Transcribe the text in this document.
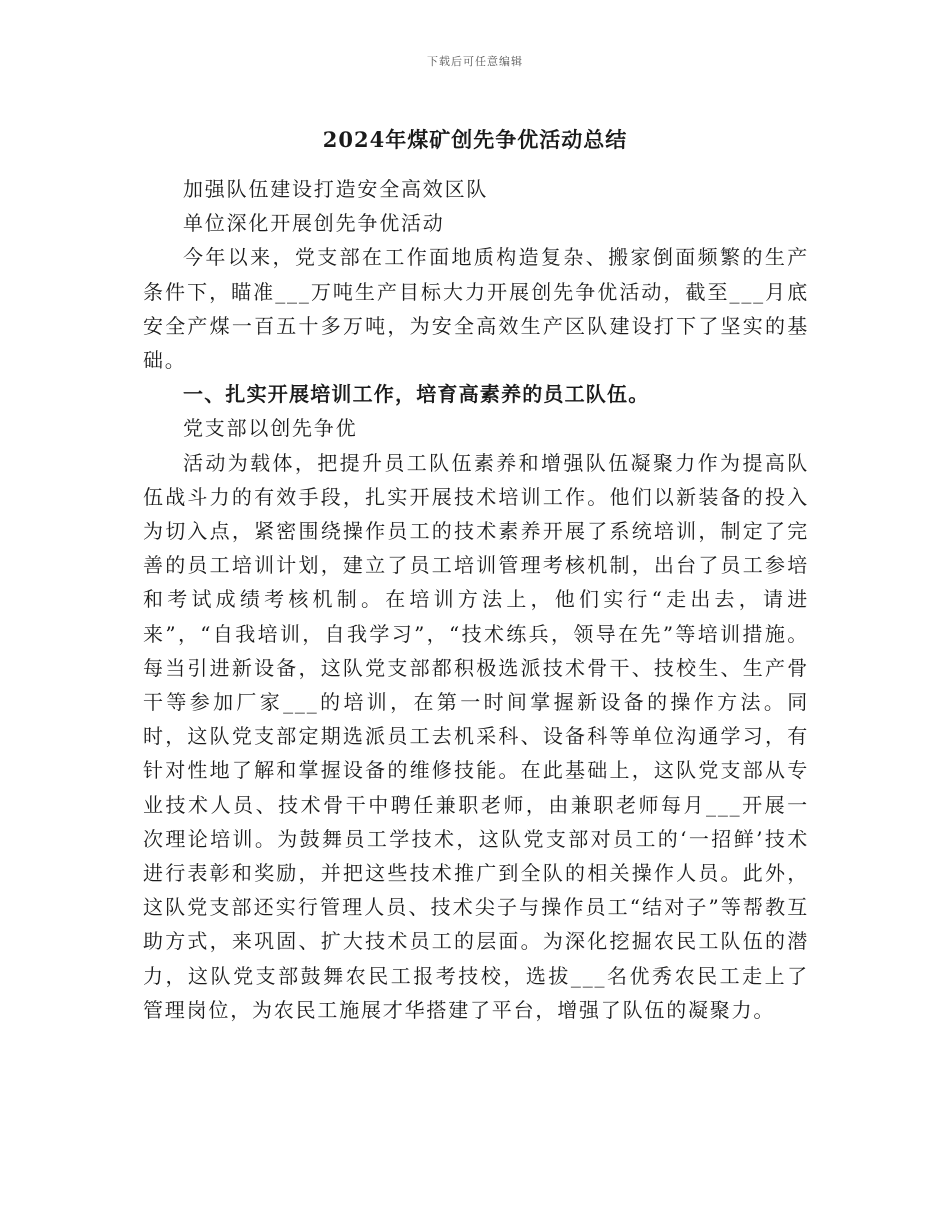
下载后可任意编辑
2024年煤矿创先争优活动总结

加强队伍建设打造安全高效区队

单位深化开展创先争优活动

今年以来，党支部在工作面地质构造复杂、搬家倒面频繁的生产条件下，瞄准___万吨生产目标大力开展创先争优活动，截至___月底安全产煤一百五十多万吨，为安全高效生产区队建设打下了坚实的基础。

一、扎实开展培训工作，培育高素养的员工队伍。

党支部以创先争优

活动为载体，把提升员工队伍素养和增强队伍凝聚力作为提高队伍战斗力的有效手段，扎实开展技术培训工作。他们以新装备的投入为切入点，紧密围绕操作员工的技术素养开展了系统培训，制定了完善的员工培训计划，建立了员工培训管理考核机制，出台了员工参培和考试成绩考核机制。在培训方法上，他们实行“走出去，请进来”，“自我培训，自我学习”，“技术练兵，领导在先”等培训措施。每当引进新设备，这队党支部都积极选派技术骨干、技校生、生产骨干等参加厂家___的培训，在第一时间掌握新设备的操作方法。同时，这队党支部定期选派员工去机采科、设备科等单位沟通学习，有针对性地了解和掌握设备的维修技能。在此基础上，这队党支部从专业技术人员、技术骨干中聘任兼职老师，由兼职老师每月___开展一次理论培训。为鼓舞员工学技术，这队党支部对员工的‘一招鲜’技术进行表彰和奖励，并把这些技术推广到全队的相关操作人员。此外，这队党支部还实行管理人员、技术尖子与操作员工“结对子”等帮教互助方式，来巩固、扩大技术员工的层面。为深化挖掘农民工队伍的潜力，这队党支部鼓舞农民工报考技校，选拔___名优秀农民工走上了管理岗位，为农民工施展才华搭建了平台，增强了队伍的凝聚力。
